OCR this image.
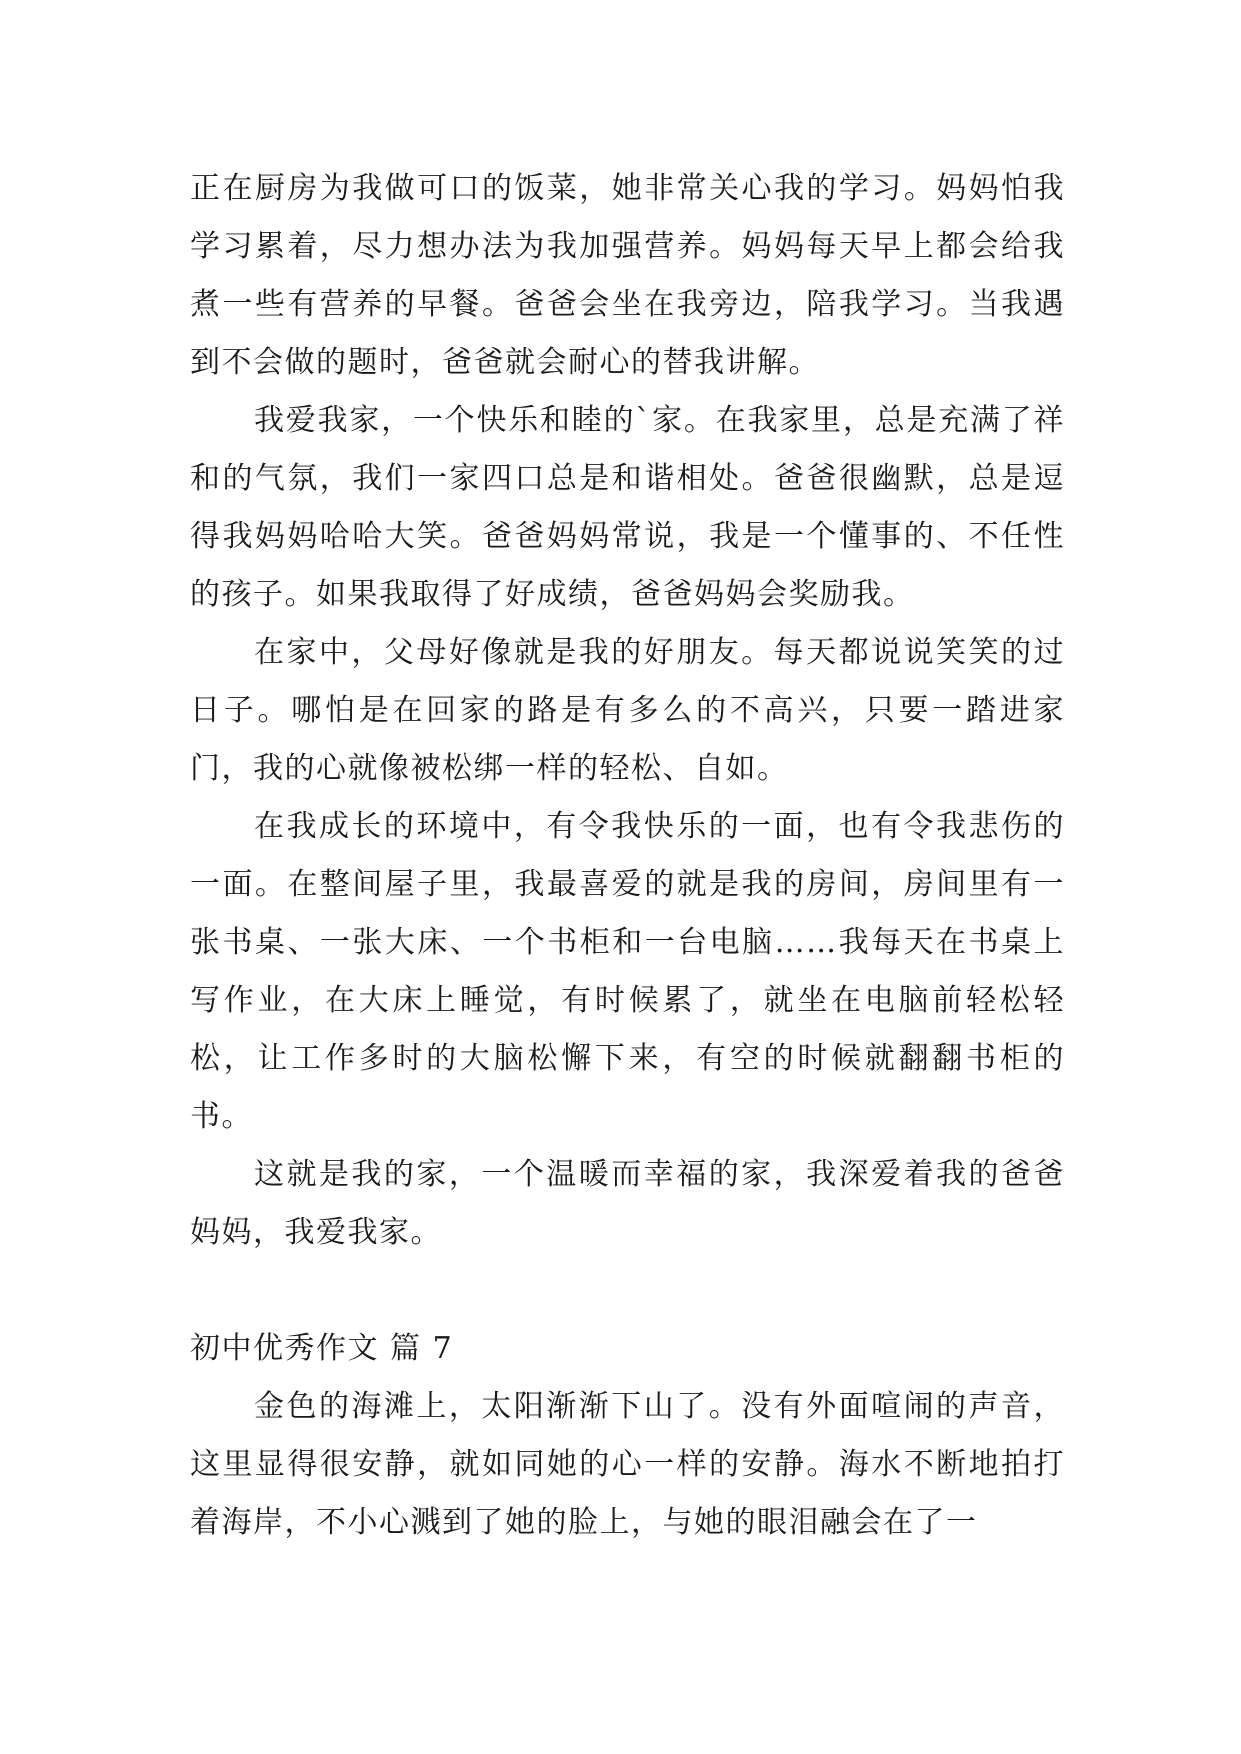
正在厨房为我做可口的饭菜，她非常关心我的学习。妈妈怕我学习累着，尽力想办法为我加强营养。妈妈每天早上都会给我煮一些有营养的早餐。爸爸会坐在我旁边，陪我学习。当我遇到不会做的题时，爸爸就会耐心的替我讲解。

我爱我家，一个快乐和睦的`家。在我家里，总是充满了祥和的气氛，我们一家四口总是和谐相处。爸爸很幽默，总是逗得我妈妈哈哈大笑。爸爸妈妈常说，我是一个懂事的、不任性的孩子。如果我取得了好成绩，爸爸妈妈会奖励我。

在家中，父母好像就是我的好朋友。每天都说说笑笑的过日子。哪怕是在回家的路是有多么的不高兴，只要一踏进家门，我的心就像被松绑一样的轻松、自如。

在我成长的环境中，有令我快乐的一面，也有令我悲伤的一面。在整间屋子里，我最喜爱的就是我的房间，房间里有一张书桌、一张大床、一个书柜和一台电脑……我每天在书桌上写作业，在大床上睡觉，有时候累了，就坐在电脑前轻松轻松，让工作多时的大脑松懈下来，有空的时候就翻翻书柜的书。

这就是我的家，一个温暖而幸福的家，我深爱着我的爸爸妈妈，我爱我家。

初中优秀作文 篇 7

金色的海滩上，太阳渐渐下山了。没有外面喧闹的声音，这里显得很安静，就如同她的心一样的安静。海水不断地拍打着海岸，不小心溅到了她的脸上，与她的眼泪融会在了一
